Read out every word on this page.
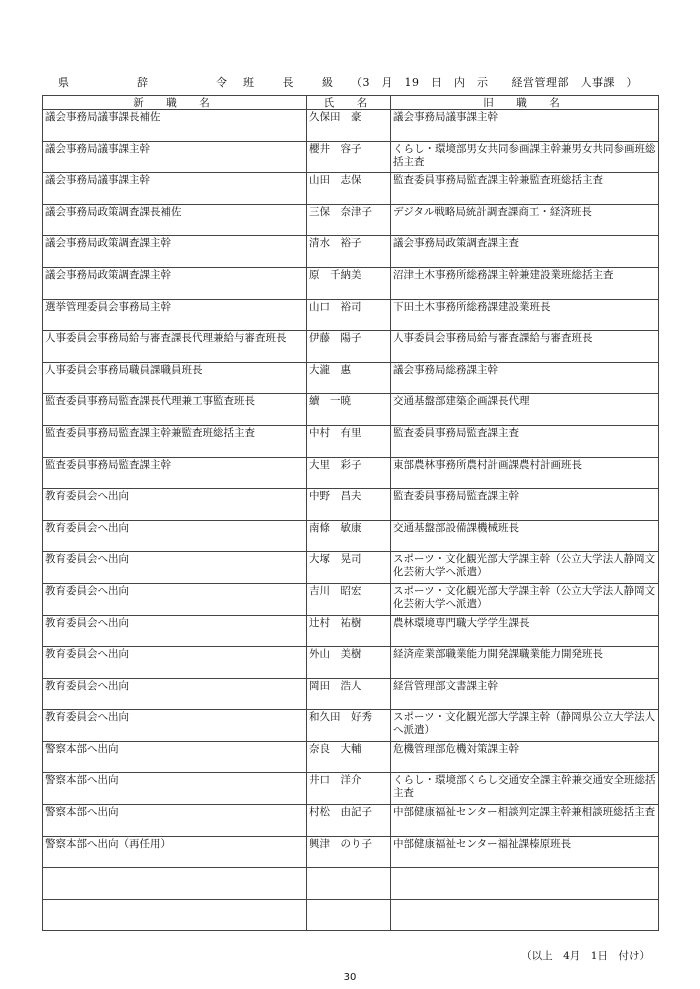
県	辞	令 班	長	級 （3　月　19　日　内　示　　経営管理部　人事課　）
新　職　名	氏　名	旧　職　名
議会事務局議事課長補佐	久保田　豪	議会事務局議事課主幹
議会事務局議事課主幹	櫻井　容子	くらし・環境部男女共同参画課主幹兼男女共同参画班総括主査
議会事務局議事課主幹	山田　志保	監査委員事務局監査課主幹兼監査班総括主査
議会事務局政策調査課長補佐	三保　奈津子	デジタル戦略局統計調査課商工・経済班長
議会事務局政策調査課主幹	清水　裕子	議会事務局政策調査課主査
議会事務局政策調査課主幹	原　千納美	沼津土木事務所総務課主幹兼建設業班総括主査
選挙管理委員会事務局主幹	山口　裕司	下田土木事務所総務課建設業班長
人事委員会事務局給与審査課長代理兼給与審査班長	伊藤　陽子	人事委員会事務局給与審査課給与審査班長
人事委員会事務局職員課職員班長	大瀧　惠	議会事務局総務課主幹
監査委員事務局監査課長代理兼工事監査班長	續　一暁	交通基盤部建築企画課長代理
監査委員事務局監査課主幹兼監査班総括主査	中村　有里	監査委員事務局監査課主査
監査委員事務局監査課主幹	大里　彩子	東部農林事務所農村計画課農村計画班長
教育委員会へ出向	中野　昌夫	監査委員事務局監査課主幹
教育委員会へ出向	南條　敏康	交通基盤部設備課機械班長
教育委員会へ出向	大塚　晃司	スポーツ・文化観光部大学課主幹（公立大学法人静岡文化芸術大学へ派遣）
教育委員会へ出向	吉川　昭宏	スポーツ・文化観光部大学課主幹（公立大学法人静岡文化芸術大学へ派遣）
教育委員会へ出向	辻村　祐樹	農林環境専門職大学学生課長
教育委員会へ出向	外山　美樹	経済産業部職業能力開発課職業能力開発班長
教育委員会へ出向	岡田　浩人	経営管理部文書課主幹
教育委員会へ出向	和久田　好秀	スポーツ・文化観光部大学課主幹（静岡県公立大学法人へ派遣）
警察本部へ出向	奈良　大輔	危機管理部危機対策課主幹
警察本部へ出向	井口　洋介	くらし・環境部くらし交通安全課主幹兼交通安全班総括主査
警察本部へ出向	村松　由記子	中部健康福祉センター相談判定課主幹兼相談班総括主査
警察本部へ出向（再任用）	興津　のり子	中部健康福祉センター福祉課榛原班長

（以上　4月　1日　付け）
30
